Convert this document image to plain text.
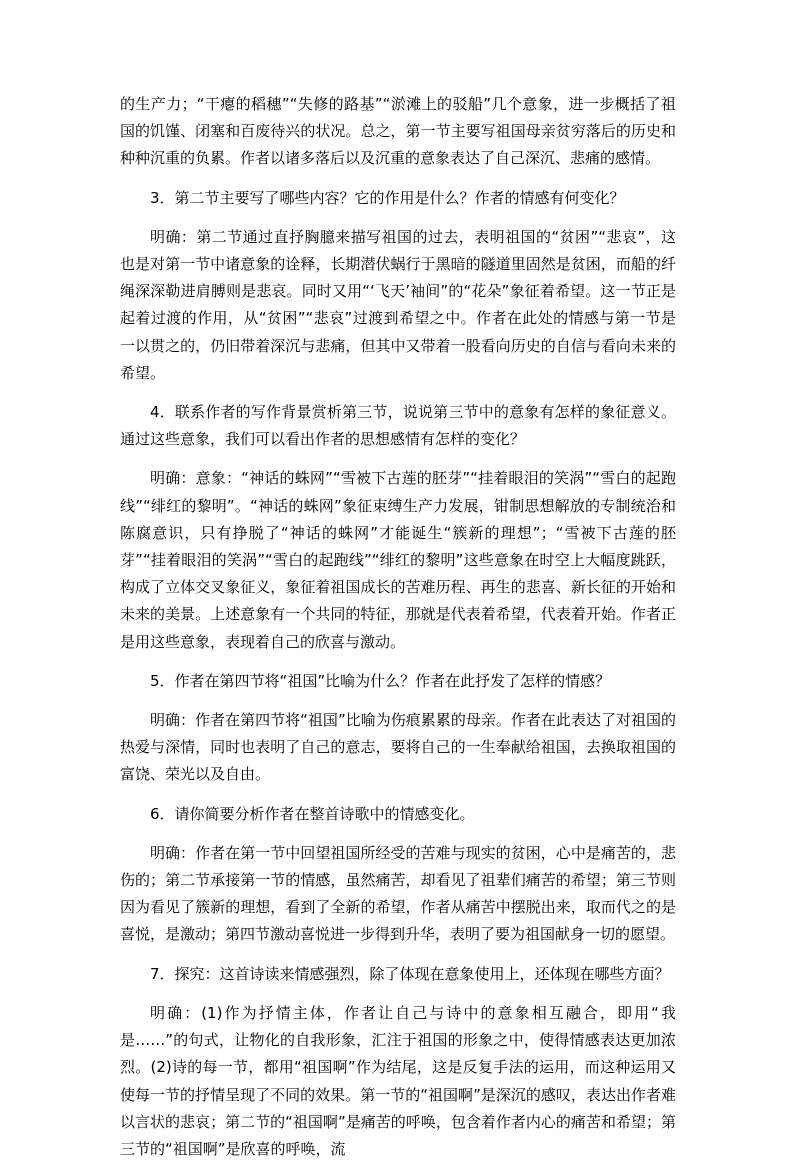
的生产力；“干瘪的稻穗”“失修的路基”“淤滩上的驳船”几个意象，进一步概括了祖国的饥馑、闭塞和百废待兴的状况。总之，第一节主要写祖国母亲贫穷落后的历史和种种沉重的负累。作者以诸多落后以及沉重的意象表达了自己深沉、悲痛的感情。

3．第二节主要写了哪些内容？它的作用是什么？作者的情感有何变化？

明确：第二节通过直抒胸臆来描写祖国的过去，表明祖国的“贫困”“悲哀”，这也是对第一节中诸意象的诠释，长期潜伏蜗行于黑暗的隧道里固然是贫困，而船的纤绳深深勒进肩膊则是悲哀。同时又用“‘飞天’袖间”的“花朵”象征着希望。这一节正是起着过渡的作用，从“贫困”“悲哀”过渡到希望之中。作者在此处的情感与第一节是一以贯之的，仍旧带着深沉与悲痛，但其中又带着一股看向历史的自信与看向未来的希望。

4．联系作者的写作背景赏析第三节，说说第三节中的意象有怎样的象征意义。通过这些意象，我们可以看出作者的思想感情有怎样的变化？

明确：意象：“神话的蛛网”“雪被下古莲的胚芽”“挂着眼泪的笑涡”“雪白的起跑线”“绯红的黎明”。“神话的蛛网”象征束缚生产力发展，钳制思想解放的专制统治和陈腐意识，只有挣脱了“神话的蛛网”才能诞生“簇新的理想”；“雪被下古莲的胚芽”“挂着眼泪的笑涡”“雪白的起跑线”“绯红的黎明”这些意象在时空上大幅度跳跃，构成了立体交叉象征义，象征着祖国成长的苦难历程、再生的悲喜、新长征的开始和未来的美景。上述意象有一个共同的特征，那就是代表着希望，代表着开始。作者正是用这些意象，表现着自己的欣喜与激动。

5．作者在第四节将“祖国”比喻为什么？作者在此抒发了怎样的情感？

明确：作者在第四节将“祖国”比喻为伤痕累累的母亲。作者在此表达了对祖国的热爱与深情，同时也表明了自己的意志，要将自己的一生奉献给祖国，去换取祖国的富饶、荣光以及自由。

6．请你简要分析作者在整首诗歌中的情感变化。

明确：作者在第一节中回望祖国所经受的苦难与现实的贫困，心中是痛苦的，悲伤的；第二节承接第一节的情感，虽然痛苦，却看见了祖辈们痛苦的希望；第三节则因为看见了簇新的理想，看到了全新的希望，作者从痛苦中摆脱出来，取而代之的是喜悦，是激动；第四节激动喜悦进一步得到升华，表明了要为祖国献身一切的愿望。

7．探究：这首诗读来情感强烈，除了体现在意象使用上，还体现在哪些方面？

明确：(1)作为抒情主体，作者让自己与诗中的意象相互融合，即用“我是……”的句式，让物化的自我形象，汇注于祖国的形象之中，使得情感表达更加浓烈。(2)诗的每一节，都用“祖国啊”作为结尾，这是反复手法的运用，而这种运用又使每一节的抒情呈现了不同的效果。第一节的“祖国啊”是深沉的感叹，表达出作者难以言状的悲哀；第二节的“祖国啊”是痛苦的呼唤，包含着作者内心的痛苦和希望；第三节的“祖国啊”是欣喜的呼唤，流
